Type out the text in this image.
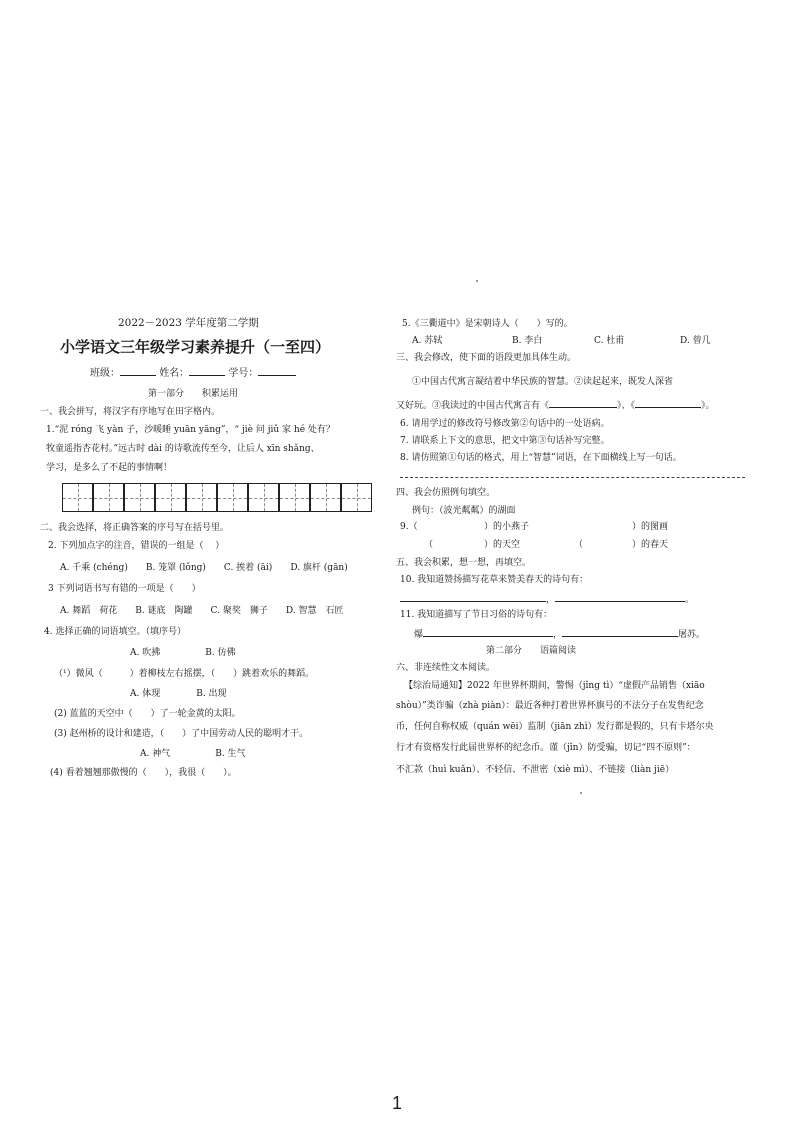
2022－2023 学年度第二学期
小学语文三年级学习素养提升（一至四）
班级：	姓名：	学号：
第一部分　　积累运用
一、我会拼写，将汉字有序地写在田字格内。
1.“泥 róng 飞 yàn 子，沙暖睡 yuān yāng”，“ jiè 问 jiǔ 家 hé 处有？
牧童遥指杏花村。”远古时 dài 的诗歌流传至今，让后人 xīn shǎng、
学习，是多么了不起的事情啊！
二、我会选择，将正确答案的序号写在括号里。
2. 下列加点字的注音，错误的一组是（　 ）
A. 千乘 (chéng)　　B. 笼罩 (lǒng)　　C. 挨着 (āi)　　D. 旗杆 (gān)
3 下列词语书写有错的一项是（　　）
A. 舞蹈　荷花　　B. 谜底　陶罐　　C. 聚奖　狮子　　D. 智慧　石匠
4. 选择正确的词语填空。（填序号）
A. 吹拂　　　　　B. 仿佛
（¹）微风（　　　）着柳枝左右摇摆，（　　）跳着欢乐的舞蹈。
A. 体现　　　　B. 出现
(2) 蓝蓝的天空中（　　）了一轮金黄的太阳。
(3) 赵州桥的设计和建造，（　　）了中国劳动人民的聪明才干。
A. 神气　　　　　B. 生气
(4) 看着翘翘那傲慢的（　　），我很（　　）。
5.《三衢道中》是宋朝诗人（　　）写的。
A. 苏轼	B. 李白	C. 杜甫	D. 曾几
三、我会修改，使下面的语段更加具体生动。
①中国古代寓言凝结着中华民族的智慧。②读起起来，既发人深省
又好玩。③我读过的中国古代寓言有《	》、《	》。
6. 请用学过的修改符号修改第②句话中的一处语病。
7. 请联系上下文的意思，把文中第③句话补写完整。
8. 请仿照第①句话的格式，用上“智慧”词语，在下面横线上写一句话。
四、我会仿照例句填空。
例句：（波光粼粼）的湖面
9.（	）的小燕子	）的图画
（	）的天空	（	）的春天
五、我会积累，想一想，再填空。
10. 我知道赞扬描写花草来赞美春天的诗句有：
，	。
11. 我知道描写了节日习俗的诗句有：
爆	，	屠苏。
第二部分　　语篇阅读
六、非连续性文本阅读。
【综治局通知】2022 年世界杯期间，警惕（jǐng tì）“虚假产品销售（xiāo
shòu）”类诈骗（zhà piàn）：最近各种打着世界杯旗号的不法分子在发售纪念
币，任何自称权威（quán wēi）监制（jiān zhì）发行都是假的，只有卡塔尔央
行才有资格发行此届世界杯的纪念币。谨（jǐn）防受骗，切记“四不原则”：
不汇款（huì kuǎn）、不轻信、不泄密（xiè mì）、不链接（liàn jiē）
1
